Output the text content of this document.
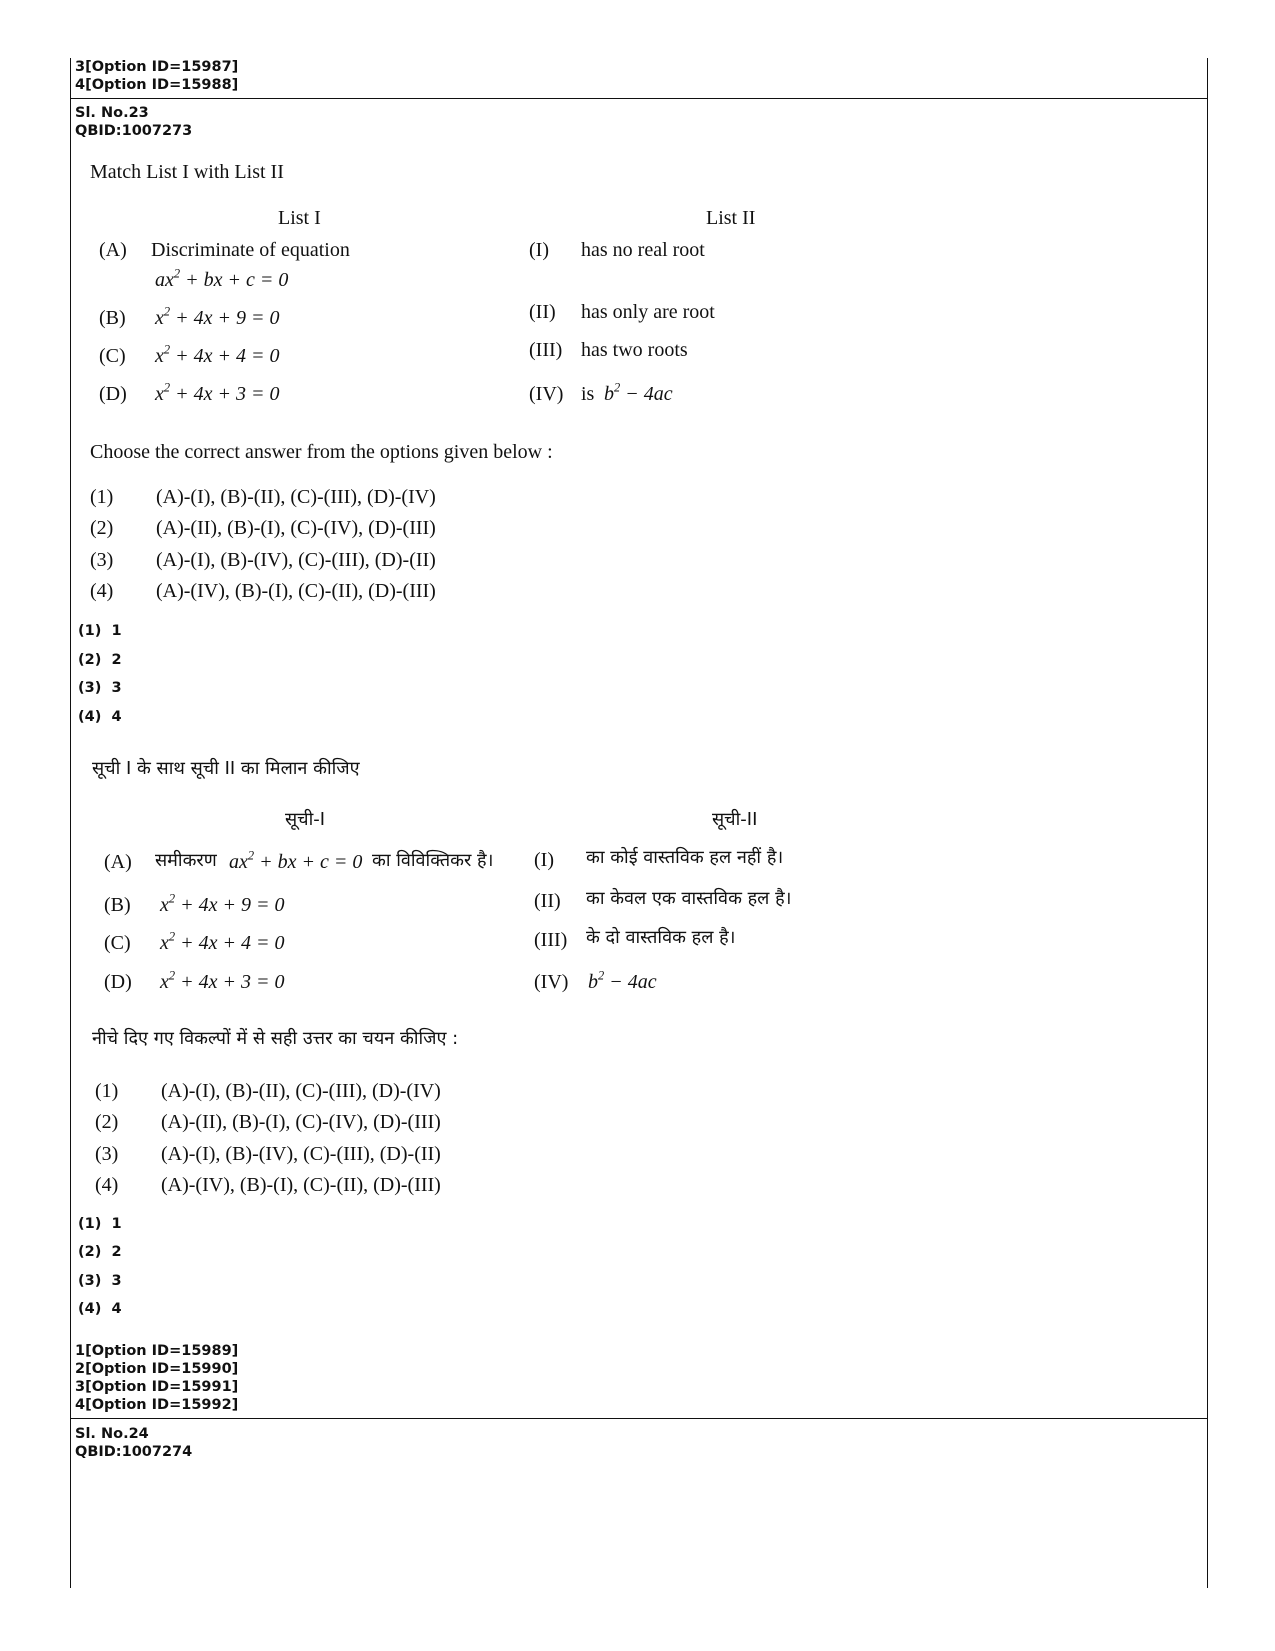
3[Option ID=15987]
4[Option ID=15988]
Sl. No.23
QBID:1007273
Match List I with List II
List I	List II
(A) Discriminate of equation
$ax^2$ + bx + c = 0
(B) $x^2 + 4x + 9 = 0$
(C) $x^2 + 4x + 4 = 0$
(D) $x^2 + 4x + 3 = 0$
(I) has no real root
(II) has only are root
(III) has two roots
(IV) is $b^2 - 4ac$
Choose the correct answer from the options given below :
(1) (A)-(I), (B)-(II), (C)-(III), (D)-(IV)
(2) (A)-(II), (B)-(I), (C)-(IV), (D)-(III)
(3) (A)-(I), (B)-(IV), (C)-(III), (D)-(II)
(4) (A)-(IV), (B)-(I), (C)-(II), (D)-(III)
(1)  1
(2)  2
(3)  3
(4)  4
सूची I के साथ सूची II का मिलान कीजिए
सूची-I	सूची-II
(A) समीकरण $ax^2$ + bx + c = 0 का विविक्तिकर है।
(B) $x^2 + 4x + 9 = 0$
(C) $x^2 + 4x + 4 = 0$
(D) $x^2 + 4x + 3 = 0$
(I) का कोई वास्तविक हल नहीं है।
(II) का केवल एक वास्तविक हल है।
(III) के दो वास्तविक हल है।
(IV) $b^2 - 4ac$
नीचे दिए गए विकल्पों में से सही उत्तर का चयन कीजिए :
(1) (A)-(I), (B)-(II), (C)-(III), (D)-(IV)
(2) (A)-(II), (B)-(I), (C)-(IV), (D)-(III)
(3) (A)-(I), (B)-(IV), (C)-(III), (D)-(II)
(4) (A)-(IV), (B)-(I), (C)-(II), (D)-(III)
(1)  1
(2)  2
(3)  3
(4)  4
1[Option ID=15989]
2[Option ID=15990]
3[Option ID=15991]
4[Option ID=15992]
Sl. No.24
QBID:1007274
